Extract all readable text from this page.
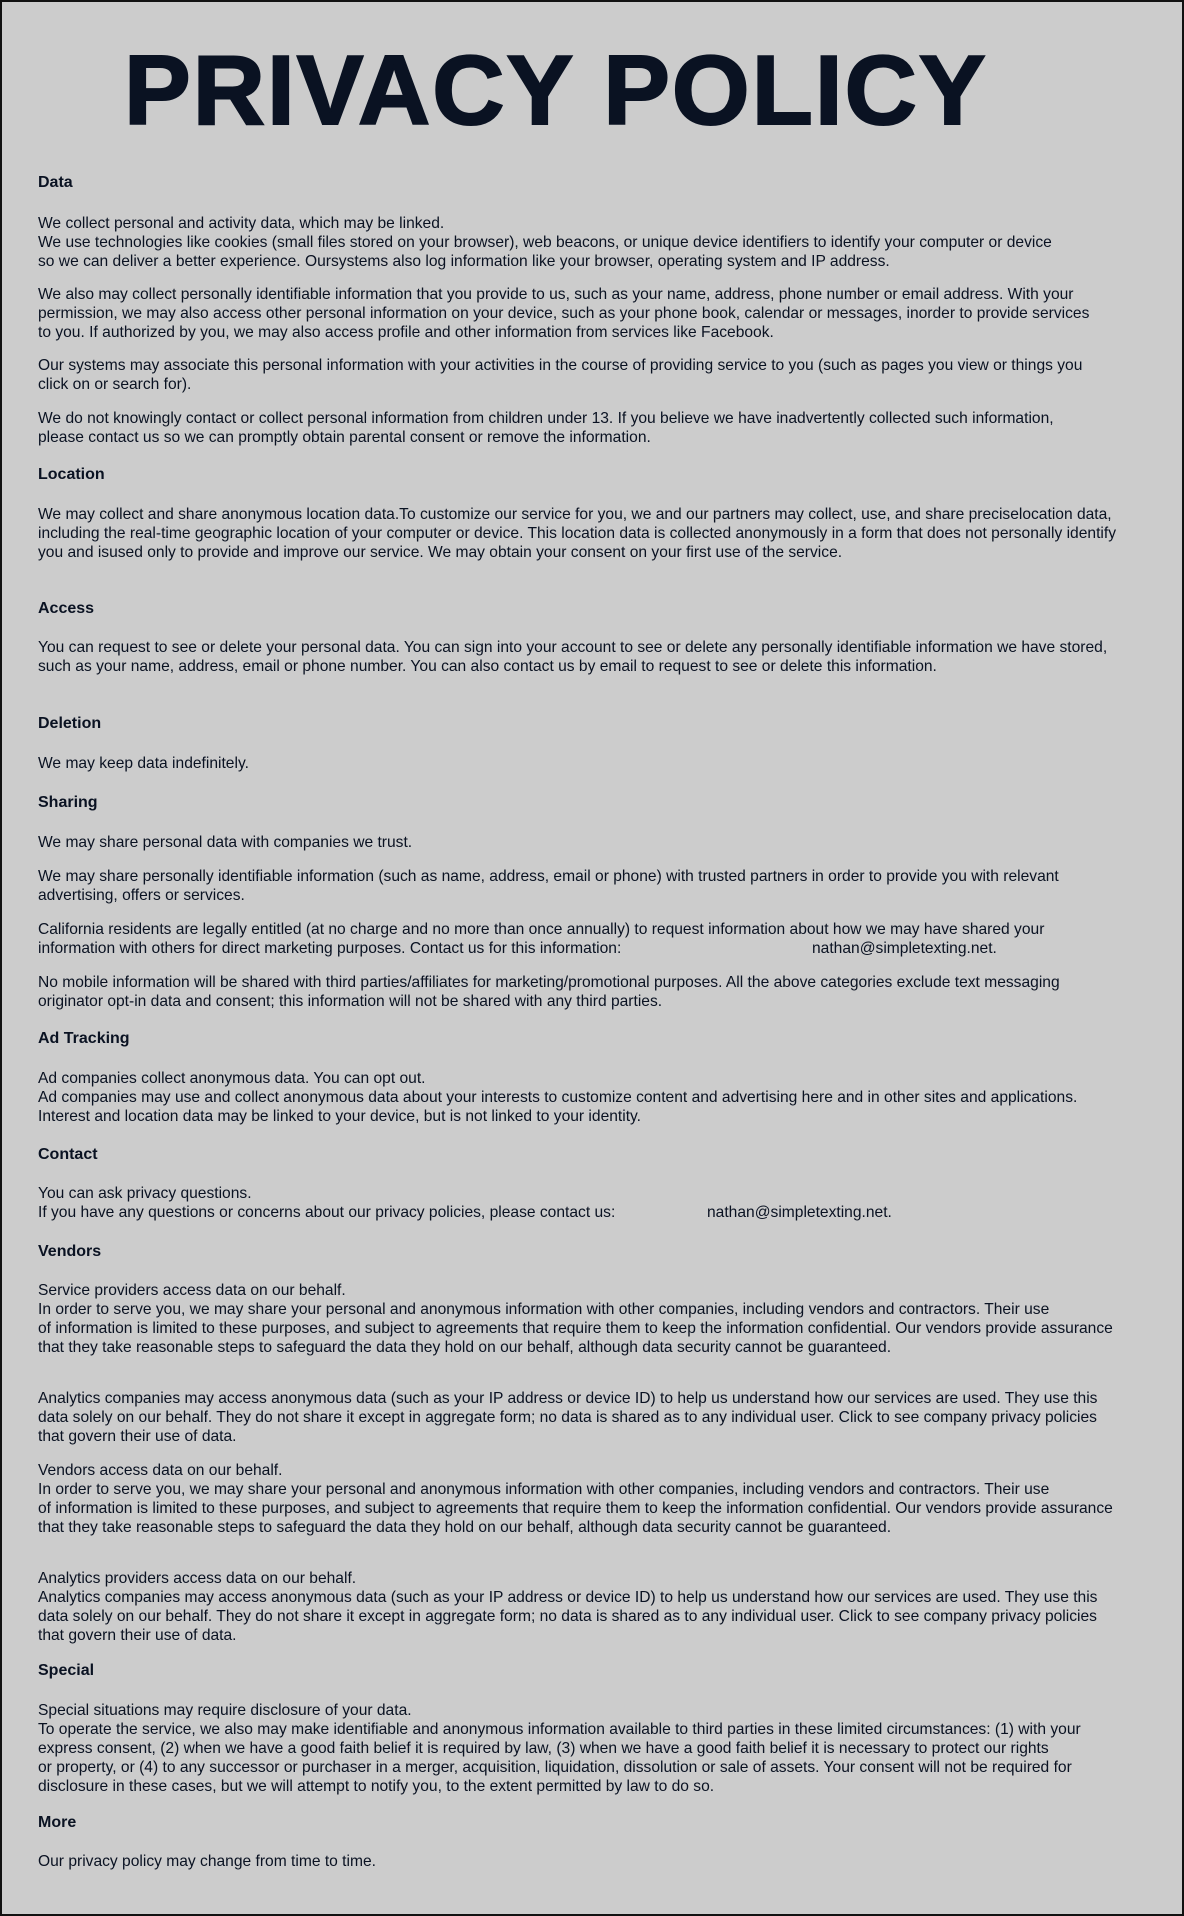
PRIVACY POLICY
Data

We collect personal and activity data, which may be linked.
We use technologies like cookies (small files stored on your browser), web beacons, or unique device identifiers to identify your computer or device
so we can deliver a better experience. Oursystems also log information like your browser, operating system and IP address.

We also may collect personally identifiable information that you provide to us, such as your name, address, phone number or email address. With your
permission, we may also access other personal information on your device, such as your phone book, calendar or messages, inorder to provide services
to you. If authorized by you, we may also access profile and other information from services like Facebook.

Our systems may associate this personal information with your activities in the course of providing service to you (such as pages you view or things you
click on or search for).

We do not knowingly contact or collect personal information from children under 13. If you believe we have inadvertently collected such information,
please contact us so we can promptly obtain parental consent or remove the information.

Location

We may collect and share anonymous location data.To customize our service for you, we and our partners may collect, use, and share preciselocation data,
including the real-time geographic location of your computer or device. This location data is collected anonymously in a form that does not personally identify
you and isused only to provide and improve our service. We may obtain your consent on your first use of the service.

Access

You can request to see or delete your personal data. You can sign into your account to see or delete any personally identifiable information we have stored,
such as your name, address, email or phone number. You can also contact us by email to request to see or delete this information.

Deletion

We may keep data indefinitely.

Sharing

We may share personal data with companies we trust.

We may share personally identifiable information (such as name, address, email or phone) with trusted partners in order to provide you with relevant
advertising, offers or services.

California residents are legally entitled (at no charge and no more than once annually) to request information about how we may have shared your

information with others for direct marketing purposes. Contact us for this information:	nathan@simpletexting.net.

No mobile information will be shared with third parties/affiliates for marketing/promotional purposes. All the above categories exclude text messaging
originator opt-in data and consent; this information will not be shared with any third parties.

Ad Tracking

Ad companies collect anonymous data. You can opt out.
Ad companies may use and collect anonymous data about your interests to customize content and advertising here and in other sites and applications.
Interest and location data may be linked to your device, but is not linked to your identity.

Contact

You can ask privacy questions.

If you have any questions or concerns about our privacy policies, please contact us:	nathan@simpletexting.net.

Vendors

Service providers access data on our behalf.
In order to serve you, we may share your personal and anonymous information with other companies, including vendors and contractors. Their use
of information is limited to these purposes, and subject to agreements that require them to keep the information confidential. Our vendors provide assurance
that they take reasonable steps to safeguard the data they hold on our behalf, although data security cannot be guaranteed.

Analytics companies may access anonymous data (such as your IP address or device ID) to help us understand how our services are used. They use this
data solely on our behalf. They do not share it except in aggregate form; no data is shared as to any individual user. Click to see company privacy policies
that govern their use of data.

Vendors access data on our behalf.
In order to serve you, we may share your personal and anonymous information with other companies, including vendors and contractors. Their use
of information is limited to these purposes, and subject to agreements that require them to keep the information confidential. Our vendors provide assurance
that they take reasonable steps to safeguard the data they hold on our behalf, although data security cannot be guaranteed.

Analytics providers access data on our behalf.
Analytics companies may access anonymous data (such as your IP address or device ID) to help us understand how our services are used. They use this
data solely on our behalf. They do not share it except in aggregate form; no data is shared as to any individual user. Click to see company privacy policies
that govern their use of data.

Special

Special situations may require disclosure of your data.
To operate the service, we also may make identifiable and anonymous information available to third parties in these limited circumstances: (1) with your
express consent, (2) when we have a good faith belief it is required by law, (3) when we have a good faith belief it is necessary to protect our rights
or property, or (4) to any successor or purchaser in a merger, acquisition, liquidation, dissolution or sale of assets. Your consent will not be required for
disclosure in these cases, but we will attempt to notify you, to the extent permitted by law to do so.

More

Our privacy policy may change from time to time.
